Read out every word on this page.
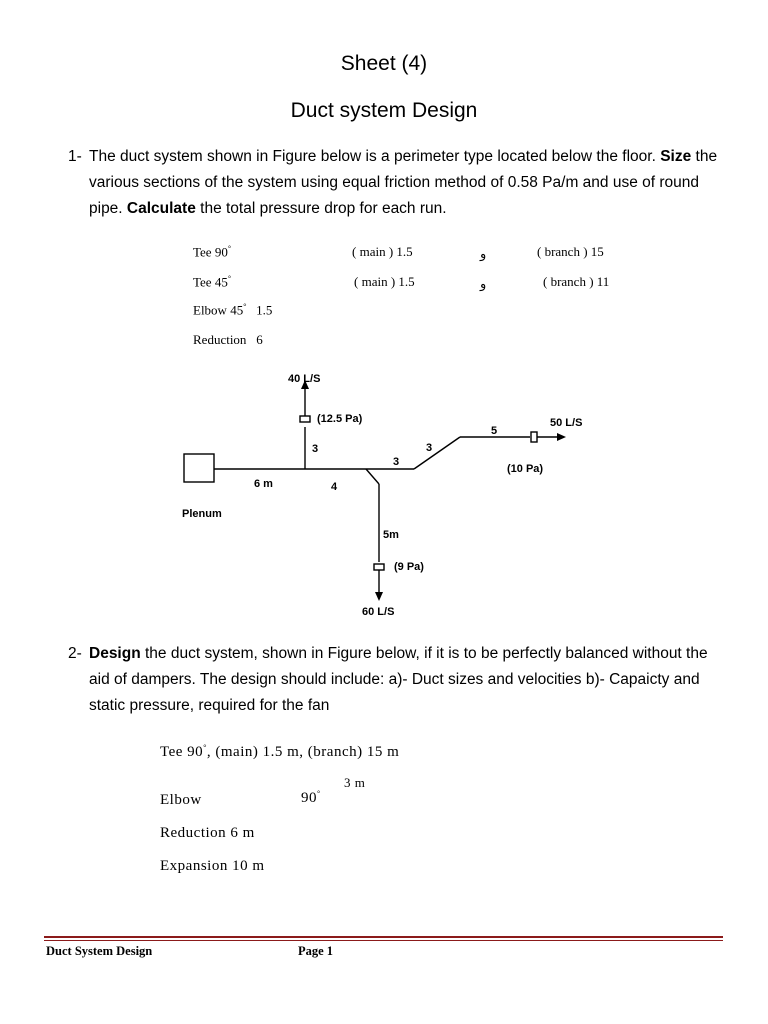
Sheet (4)
Duct system Design
1- The duct system shown in Figure below is a perimeter type located below the floor. Size the various sections of the system using equal friction method of 0.58 Pa/m and use of round pipe. Calculate the total pressure drop for each run.
Tee 90°	( main ) 1.5	و	( branch ) 15
Tee 45°	( main ) 1.5	و	( branch ) 11
Elbow 45° 1.5
Reduction 6
40 L/S
(12.5 Pa)
3
3
3
5
50 L/S
(10 Pa)
6 m	4
Plenum
5m
(9 Pa)
60 L/S
2- Design the duct system, shown in Figure below, if it is to be perfectly balanced without the aid of dampers. The design should include: a)- Duct sizes and velocities b)- Capaicty and static pressure, required for the fan
Tee 90°, (main) 1.5 m, (branch) 15 m
3 m
Elbow	90°
Reduction 6 m
Expansion 10 m
Duct System Design	Page 1
